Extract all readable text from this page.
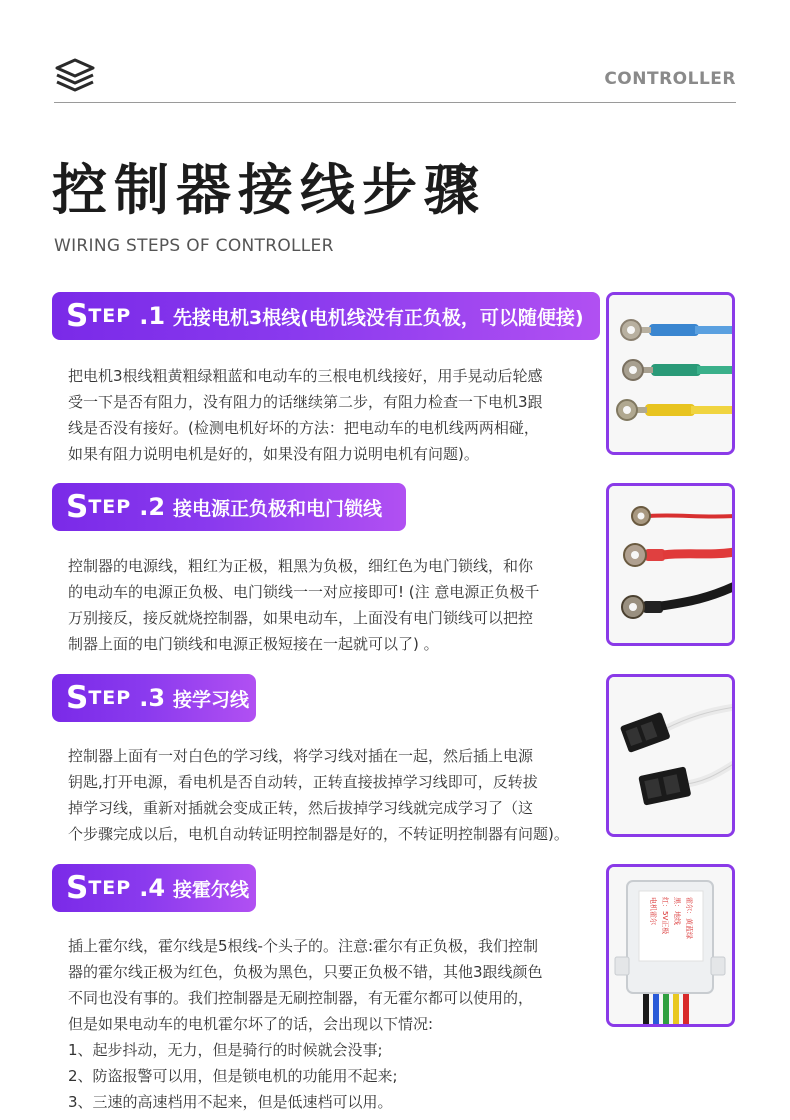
CONTROLLER
控制器接线步骤
WIRING STEPS OF CONTROLLER
S TEP .1 先接电机3根线(电机线没有正负极，可以随便接)
把电机3根线粗黄粗绿粗蓝和电动车的三根电机线接好，用手晃动后轮感
受一下是否有阻力，没有阻力的话继续第二步，有阻力检查一下电机3跟
线是否没有接好。(检测电机好坏的方法：把电动车的电机线两两相碰，
如果有阻力说明电机是好的，如果没有阻力说明电机有问题)。
S TEP .2 接电源正负极和电门锁线
控制器的电源线，粗红为正极，粗黑为负极，细红色为电门锁线，和你
的电动车的电源正负极、电门锁线一一对应接即可! (注 意电源正负极千
万别接反，接反就烧控制器，如果电动车，上面没有电门锁线可以把控
制器上面的电门锁线和电源正极短接在一起就可以了) 。
S TEP .3 接学习线
控制器上面有一对白色的学习线，将学习线对插在一起，然后插上电源
钥匙,打开电源，看电机是否自动转，正转直接拔掉学习线即可，反转拔
掉学习线，重新对插就会变成正转，然后拔掉学习线就完成学习了（这
个步骤完成以后，电机自动转证明控制器是好的，不转证明控制器有问题)。
S TEP .4 接霍尔线
插上霍尔线，霍尔线是5根线-个头子的。注意:霍尔有正负极，我们控制
器的霍尔线正极为红色，负极为黑色，只要正负极不错，其他3跟线颜色
不同也没有事的。我们控制器是无刷控制器，有无霍尔都可以使用的，
但是如果电动车的电机霍尔坏了的话，会出现以下情况:
1、起步抖动，无力，但是骑行的时候就会没事;
2、防盗报警可以用，但是锁电机的功能用不起来;
3、三速的高速档用不起来，但是低速档可以用。
电机霍尔 红：5V正极 黑：地线 霍尔：黄蓝绿
